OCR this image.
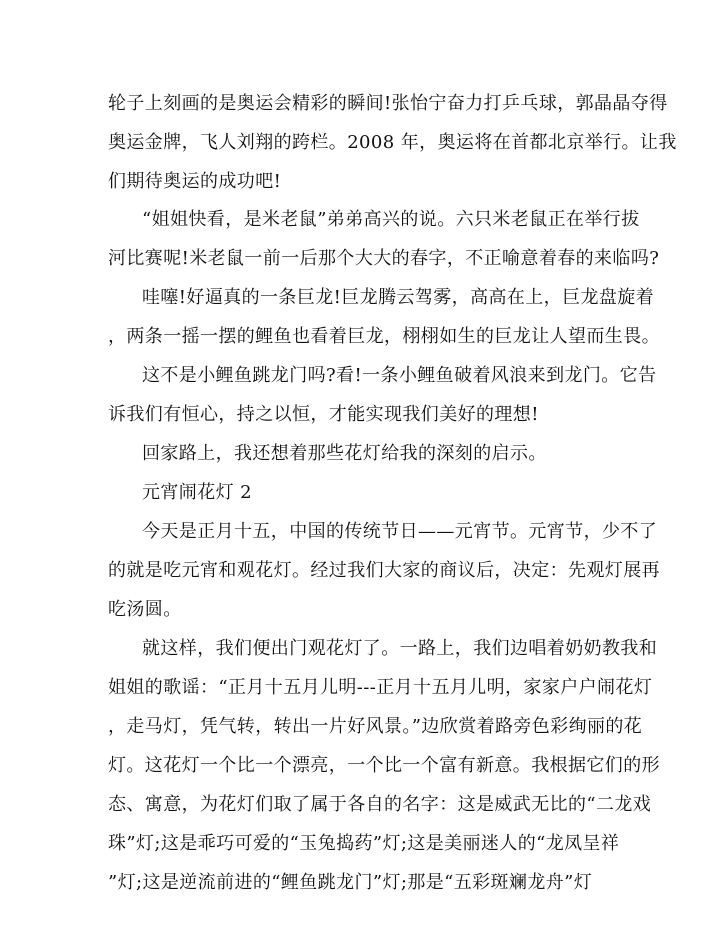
轮子上刻画的是奥运会精彩的瞬间!张怡宁奋力打乒乓球，郭晶晶夺得
奥运金牌，飞人刘翔的跨栏。2008 年，奥运将在首都北京举行。让我
们期待奥运的成功吧!
“姐姐快看，是米老鼠”弟弟高兴的说。六只米老鼠正在举行拔
河比赛呢!米老鼠一前一后那个大大的春字，不正喻意着春的来临吗?
哇噻!好逼真的一条巨龙!巨龙腾云驾雾，高高在上，巨龙盘旋着
，两条一摇一摆的鲤鱼也看着巨龙，栩栩如生的巨龙让人望而生畏。
这不是小鲤鱼跳龙门吗?看!一条小鲤鱼破着风浪来到龙门。它告
诉我们有恒心，持之以恒，才能实现我们美好的理想!
回家路上，我还想着那些花灯给我的深刻的启示。
元宵闹花灯 2
今天是正月十五，中国的传统节日——元宵节。元宵节，少不了
的就是吃元宵和观花灯。经过我们大家的商议后，决定：先观灯展再
吃汤圆。
就这样，我们便出门观花灯了。一路上，我们边唱着奶奶教我和
姐姐的歌谣：“正月十五月儿明---正月十五月儿明，家家户户闹花灯
，走马灯，凭气转，转出一片好风景。”边欣赏着路旁色彩绚丽的花
灯。这花灯一个比一个漂亮，一个比一个富有新意。我根据它们的形
态、寓意，为花灯们取了属于各自的名字：这是威武无比的“二龙戏
珠”灯;这是乖巧可爱的“玉兔捣药”灯;这是美丽迷人的“龙凤呈祥
”灯;这是逆流前进的“鲤鱼跳龙门”灯;那是“五彩斑斓龙舟”灯
